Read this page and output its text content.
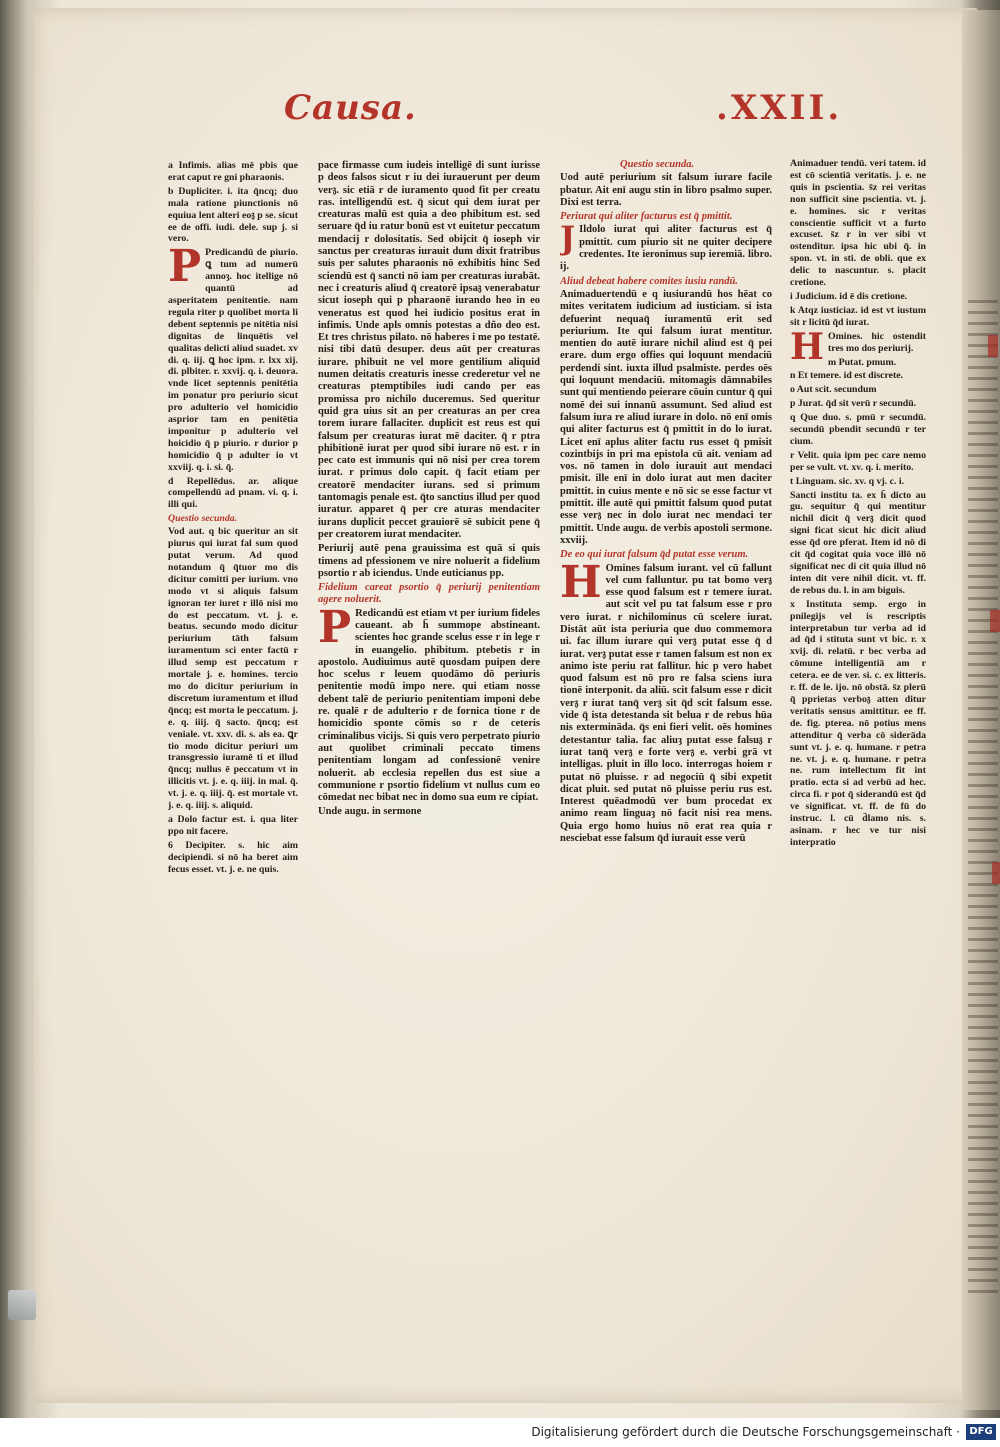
Causa.	.XXII.

a Infimis. alias mē pbis que erat caput re gni pharaonis.

b Dupliciter. i. ita q̄ncq; duo mala ratione piunctionis nō equiua lent alteri eo𝔷 p se. sicut ee de offi. iudi. dele. sup j. si vero.

P Predicandū de piurio. ꝗ tum ad numerū annoȝ. hoc itellige nō quantū ad asperitatem penitentie. nam regula riter p quolibet morta li debent septennis pe nitētia nisi dignitas de linquētis vel qualitas delicti aliud suadet. xv di. q. iij. ꝗ hoc ipm. r. lxx xij. di. plbiter. r. xxvij. q. i. deuora. vnde licet septennis penitētia im ponatur pro periurio sicut pro adulterio vel homicidio asprior tam en penitētia imponitur p adulterio vel hoicidio q̄ p piurio. r durior p homicidio q̄ p adulter io vt xxviij. q. i. si. q̄.

d Repellēdus. ar. alique compellendū ad pnam. vi. q. i. illi qui.

Questio secunda.

Vod aut. q bic queritur an sit piurus qui iurat fal sum quod putat verum. Ad quod notandum q̄ q̄tuor mo dis dicitur comitti per iurium. vno modo vt si aliquis falsum ignoran ter iuret r illō nisi mo do est peccatum. vt. j. e. beatus. secundo modo dicitur periurium tāth falsum iuramentum sci enter factū r illud semp est peccatum r mortale j. e. homines. tercio mo do dicitur periurium in discretum iuramentum et illud q̄ncq; est morta le peccatum. j. e. q. iiij. q̄ sacto. q̄ncq; est veniale. vt. xxv. di. s. als ea. ꝗr tio modo dicitur periuri um transgressio iuramē ti et illud q̄ncq; nullus ē peccatum vt in illicitis vt. j. e. q. iiij. in mal. q̄. vt. j. e. q. iiij. q̄. est mortale vt. j. e. q. iiij. s. aliquid.

a Dolo factur est. i. qua liter ppo nit facere.

6 Decipiter. s. hic aim decipiendi. si nō ha beret aim fecus esset. vt. j. e. ne quis.

pace firmasse cum iudeis intelligē di sunt iurisse p deos falsos sicut r iu dei iurauerunt per deum ver𝔷. sic etiā r de iuramento quod fit per creatu ras. intelligendū est. q̄ sicut qui dem iurat per creaturas malū est quia a deo phibitum est. sed seruare q̄d iu ratur bonū est vt euitetur peccatum mendacij r dolositatis. Sed obijcit q̄ ioseph vir sanctus per creaturas iurauit dum dixit fratribus suis per salutes pharaonis nō exhibitis hinc Sed sciendū est q̄ sancti nō iam per creaturas iurabāt. nec i creaturis aliud q̄ creatorē ipsa𝔷 venerabatur sicut ioseph qui p pharaonē iurando heo in eo veneratus est quod hei iudicio positus erat in infimis. Unde apls omnis potestas a dño deo est. Et tres christus pilato. nō haberes i me po testatē. nisi tibi datū desuper. deus aūt per creaturas iurare. phibuit ne vel more gentilium aliquid numen deitatis creaturis inesse crederetur vel ne creaturas ptemptibiles iudi cando per eas promissa pro nichilo duceremus. Sed queritur quid gra uius sit an per creaturas an per crea torem iurare fallaciter. duplicit est reus est qui falsum per creaturas iurat mē daciter. q̄ r ptra phibitionē iurat per quod sibi iurare nō est. r in pec cato est immunis qui nō nisi per crea torem iurat. r primus dolo capit. q̄ facit etiam per creatorē mendaciter iurans. sed si primum tantomagis penale est. q̄to sanctius illud per quod iuratur. apparet q̄ per cre aturas mendaciter iurans duplicit peccet grauiorē sē subicit pene q̄ per creatorem iurat mendaciter.

Periurij autē pena grauissima est quā si quis timens ad pfessionem ve nire noluerit a fidelium psortio r ab iciendus. Unde euticianus pp.

Fidelium careat psortio q̄ periurij penitentiam agere noluerit.

P Redicandū est etiam vt per iurium fideles caueant. ab h̄ summope abstineant. scientes hoc grande scelus esse r in lege r in euangelio. phibitum. ptebetis r in apostolo. Audiuimus autē quosdam puipen dere hoc scelus r leuem quodāmo dō periuris penitentie modū impo nere. qui etiam nosse debent talē de periurio penitentiam imponi debe re. qualē r de adulterio r de fornica tione r de homicidio sponte cōmis so r de ceteris criminalibus vicijs. Si quis vero perpetrato piurio aut quolibet criminali peccato timens penitentiam longam ad confessionē venire noluerit. ab ecclesia repellen dus est siue a communione r psortio fidelium vt nullus cum eo cōmedat nec bibat nec in domo sua eum re cipiat.

Unde augu. in sermone

Questio secunda.

Uod autē periurium sit falsum iurare facile pbatur. Ait enī augu stin in libro psalmo super. Dixi est terra.

Periurat qui aliter facturus est q̄ pmittit.

J Ildolo iurat qui aliter facturus est q̄ pmittit. cum piurio sit ne quiter decipere credentes. Ite ieronimus sup ieremiā. libro. ij.

Aliud debeat habere comites iusiu randū.

Animaduertendū e q iusiurandū hos hēat co mites veritatem iudicium ad iusticiam. si ista defuerint nequaq̄ iuramentū erit sed periurium. Ite qui falsum iurat mentitur. mentien do autē iurare nichil aliud est q̄ pei erare. dum ergo offies qui loquunt mendaciū perdendi sint. iuxta illud psalmiste. perdes oēs qui loquunt mendaciū. mitomagis dāmnabiles sunt qui mentiendo peierare cōuin cuntur q̄ qui nomē dei sui innanū assumunt. Sed aliud est falsum iura re aliud iurare in dolo. nō enī omis qui aliter facturus est q̄ pmittit in do lo iurat. Licet enī aplus aliter factu rus esset q̄ pmisit cozintbijs in pri ma epistola cū ait. veniam ad vos. nō tamen in dolo iurauit aut mendaci pmisit. ille enī in dolo iurat aut men daciter pmittit. in cuius mente e nō sic se esse factur vt pmittit. ille autē qui pmittit falsum quod putat esse ver𝔷 nec in dolo iurat nec mendaci ter pmittit. Unde augu. de verbis apostoli sermone. xxviij.

De eo qui iurat falsum q̄d putat esse verum.

H Omines falsum iurant. vel cū fallunt vel cum falluntur. pu tat bomo ver𝔷 esse quod falsum est r temere iurat. aut scit vel pu tat falsum esse r pro vero iurat. r nichilominus cū scelere iurat. Distāt aūt ista periuria que duo commemora ui. fac illum iurare qui ver𝔷 putat esse q̄ d iurat. ver𝔷 putat esse r tamen falsum est non ex animo iste periu rat fallitur. hic p vero habet quod falsum est nō pro re falsa sciens iura tionē interponit. da aliū. scit falsum esse r dicit ver𝔷 r iurat tanq̄ ver𝔷 sit q̄d scit falsum esse. vide q̄ ista detestanda sit belua r de rebus hūa nis extermināda. q̄s eni fieri velit. oēs homines detestantur talia. fac aliuȝ putat esse falsu𝔷 r iurat tanq̄ ver𝔷 e forte ver𝔷 e. verbi grā vt intelligas. pluit in illo loco. interrogas hoiem r putat nō pluisse. r ad negociū q̄ sibi expetit dicat pluit. sed putat nō pluisse periu rus est. Interest quēadmodū ver bum procedat ex animo ream linguaȝ nō facit nisi rea mens. Quia ergo homo huius nō erat rea quia r nesciebat esse falsum q̄d iurauit esse verū

Animaduer tendū. veri tatem. id est cō scientiā veritatis. j. e. ne quis in pscientia. s̄z rei veritas non sufficit sine pscientia. vt. j. e. homines. sic r veritas conscientie sufficit vt a furto excuset. s̄z r in ver sibi vt ostenditur. ipsa hic ubi q̄. in spon. vt. in sti. de obli. que ex delic to nascuntur. s. placit cretione.

i Judicium. id ē dis cretione.

k Atqz iusticiaz. id est vt iustum sit r licitū q̄d iurat.

H Omines. hic ostendit tres mo dos periurij.

m Putat. pmum.

n Et temere. id est discrete.

o Aut scit. secundum

p Jurat. q̄d sit verū r secundū.

q Que duo. s. pmū r secundū. secundū pbendit secundū r ter cium.

r Velit. quia ipm pec care nemo per se vult. vt. xv. q. i. merito.

t Linguam. sic. xv. q vj. c. i.

Sancti institu ta. ex h̄ dicto au gu. sequitur q̄ qui mentitur nichil dicit q̄ ver𝔷 dicit quod signi ficat sicut hic dicit aliud esse q̄d ore pferat. Item id nō di cit q̄d cogitat quia voce illō nō significat nec di cit quia illud nō inten dit vere nihil dicit. vt. ff. de rebus du. l. in am biguis.

x Instituta semp. ergo in pnilegijs vel is rescriptis interpretabun tur verba ad id ad q̄d i stituta sunt vt bic. r. x xvij. di. relatū. r bec verba ad cōmune intelligentiā am r cetera. ee de ver. si. c. ex litteris. r. ff. de le. ijo. nō obstā. s̄z plerū q̄ pprietas verbo𝔷 atten ditur veritatis sensus amittitur. ee ff. de. fig. pterea. nō potius mens attenditur q̄ verba cō siderāda sunt vt. j. e. q. humane. r petra ne. vt. j. e. q. humane. r petra ne. rum intellectum fit int pratio. ecta si ad verbū ad hec. circa fi. r pot q̄ siderandū est q̄d ve significat. vt. ff. de fū do instruc. l. cū d̄lamo nis. s. asinam. r hec ve tur nisi interpratio

Digitalisierung gefördert durch die Deutsche Forschungsgemeinschaft · DFG
